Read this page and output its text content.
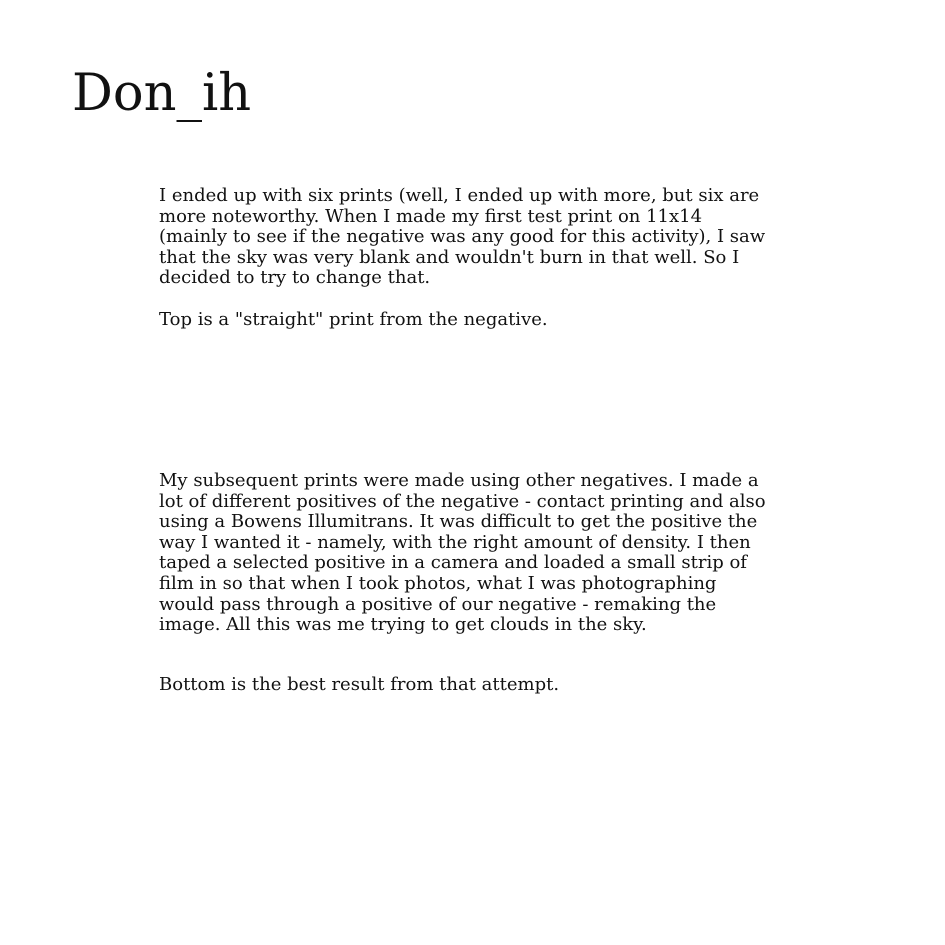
Don_ih

I ended up with six prints (well, I ended up with more, but six are
more noteworthy. When I made my first test print on 11x14
(mainly to see if the negative was any good for this activity), I saw
that the sky was very blank and wouldn't burn in that well. So I
decided to try to change that.

Top is a "straight" print from the negative.

My subsequent prints were made using other negatives. I made a
lot of different positives of the negative - contact printing and also
using a Bowens Illumitrans. It was difficult to get the positive the
way I wanted it - namely, with the right amount of density. I then
taped a selected positive in a camera and loaded a small strip of
film in so that when I took photos, what I was photographing
would pass through a positive of our negative - remaking the
image. All this was me trying to get clouds in the sky.

Bottom is the best result from that attempt.
